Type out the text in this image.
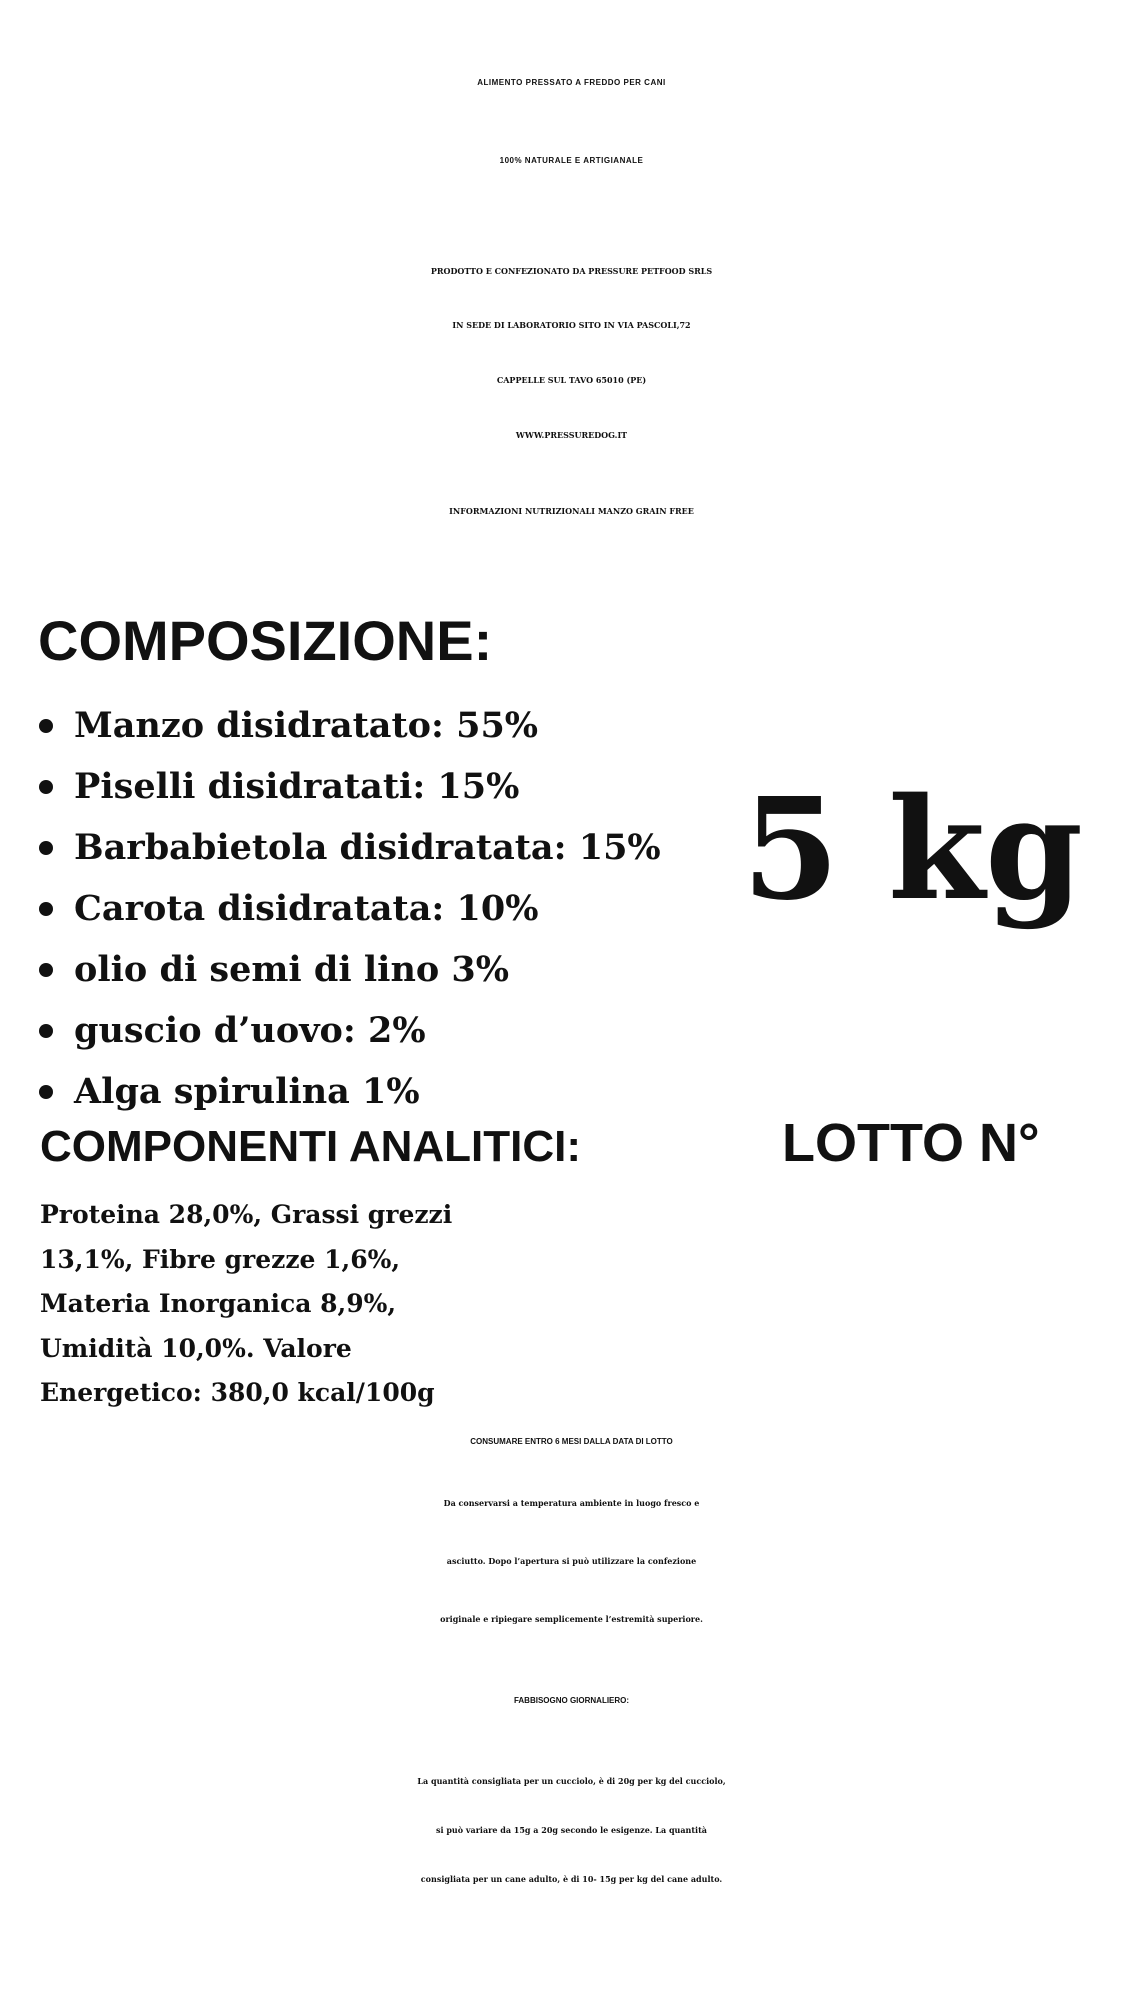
ALIMENTO PRESSATO A FREDDO PER CANI
100% NATURALE E ARTIGIANALE
PRODOTTO E CONFEZIONATO DA PRESSURE PETFOOD SRLS
IN SEDE DI LABORATORIO SITO IN VIA PASCOLI,72
CAPPELLE SUL TAVO 65010 (PE)
WWW.PRESSUREDOG.IT
INFORMAZIONI NUTRIZIONALI MANZO GRAIN FREE
COMPOSIZIONE:
Manzo disidratato: 55%
Piselli disidratati: 15%
Barbabietola disidratata: 15%
Carota disidratata: 10%
olio di semi di lino 3%
guscio d’uovo: 2%
Alga spirulina 1%
5 kg
LOTTO N°
COMPONENTI ANALITICI:
Proteina 28,0%, Grassi grezzi
13,1%, Fibre grezze 1,6%,
Materia Inorganica 8,9%,
Umidità 10,0%. Valore
Energetico: 380,0 kcal/100g
CONSUMARE ENTRO 6 MESI DALLA DATA DI LOTTO
Da conservarsi a temperatura ambiente in luogo fresco e
asciutto. Dopo l’apertura si può utilizzare la confezione
originale e ripiegare semplicemente l’estremità superiore.
FABBISOGNO GIORNALIERO:
La quantità consigliata per un cucciolo, è di 20g per kg del cucciolo,
si può variare da 15g a 20g secondo le esigenze. La quantità
consigliata per un cane adulto, è di 10- 15g per kg del cane adulto.
